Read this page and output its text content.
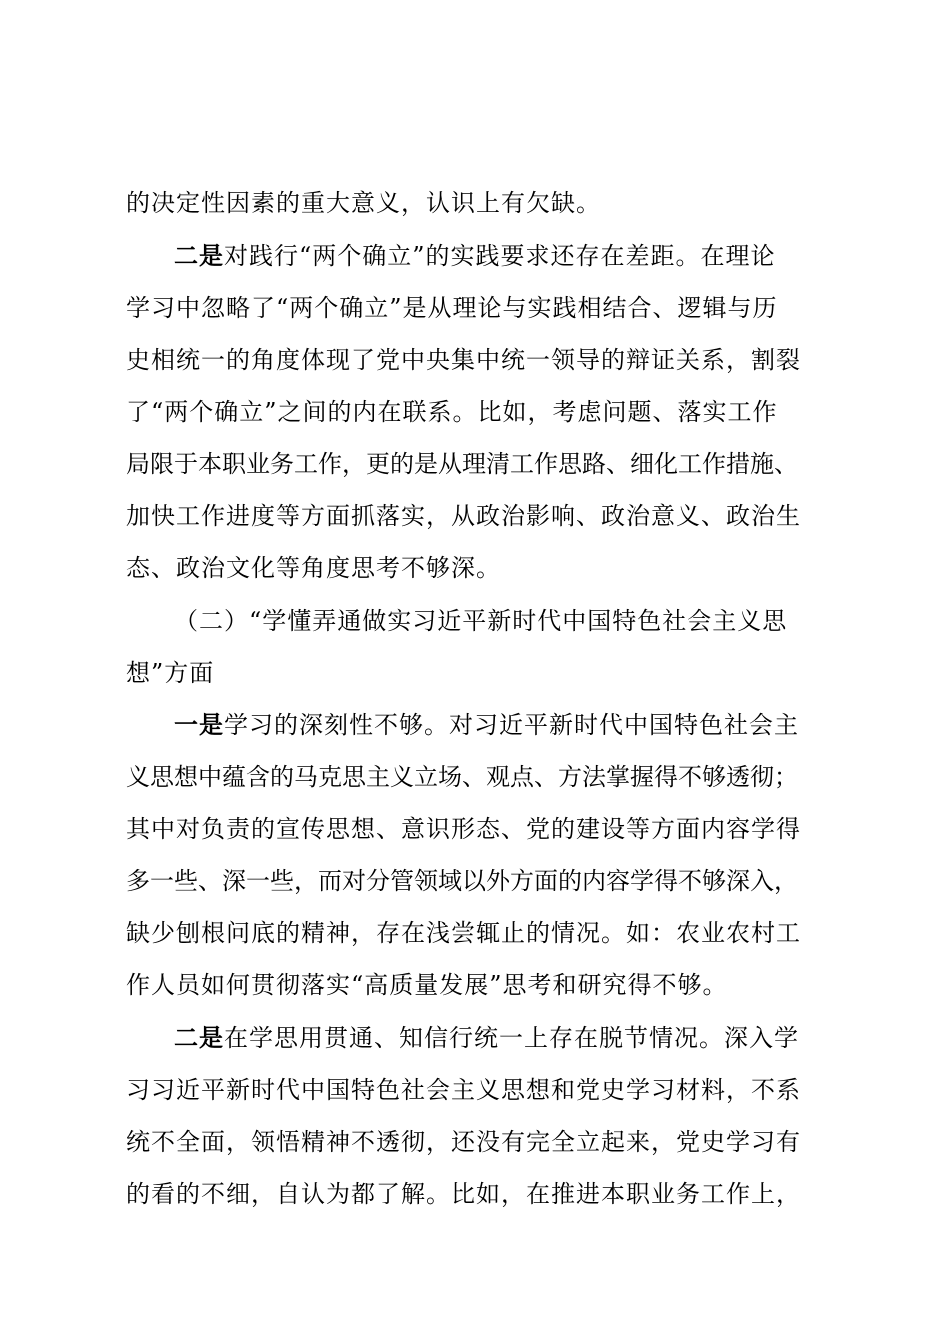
的决定性因素的重大意义，认识上有欠缺。
二是对践行“两个确立”的实践要求还存在差距。在理论
学习中忽略了“两个确立”是从理论与实践相结合、逻辑与历
史相统一的角度体现了党中央集中统一领导的辩证关系，割裂
了“两个确立”之间的内在联系。比如，考虑问题、落实工作
局限于本职业务工作，更的是从理清工作思路、细化工作措施、
加快工作进度等方面抓落实，从政治影响、政治意义、政治生
态、政治文化等角度思考不够深。
（二）“学懂弄通做实习近平新时代中国特色社会主义思
想”方面
一是学习的深刻性不够。对习近平新时代中国特色社会主
义思想中蕴含的马克思主义立场、观点、方法掌握得不够透彻；
其中对负责的宣传思想、意识形态、党的建设等方面内容学得
多一些、深一些，而对分管领域以外方面的内容学得不够深入，
缺少刨根问底的精神，存在浅尝辄止的情况。如：农业农村工
作人员如何贯彻落实“高质量发展”思考和研究得不够。
二是在学思用贯通、知信行统一上存在脱节情况。深入学
习习近平新时代中国特色社会主义思想和党史学习材料，不系
统不全面，领悟精神不透彻，还没有完全立起来，党史学习有
的看的不细，自认为都了解。比如，在推进本职业务工作上，
